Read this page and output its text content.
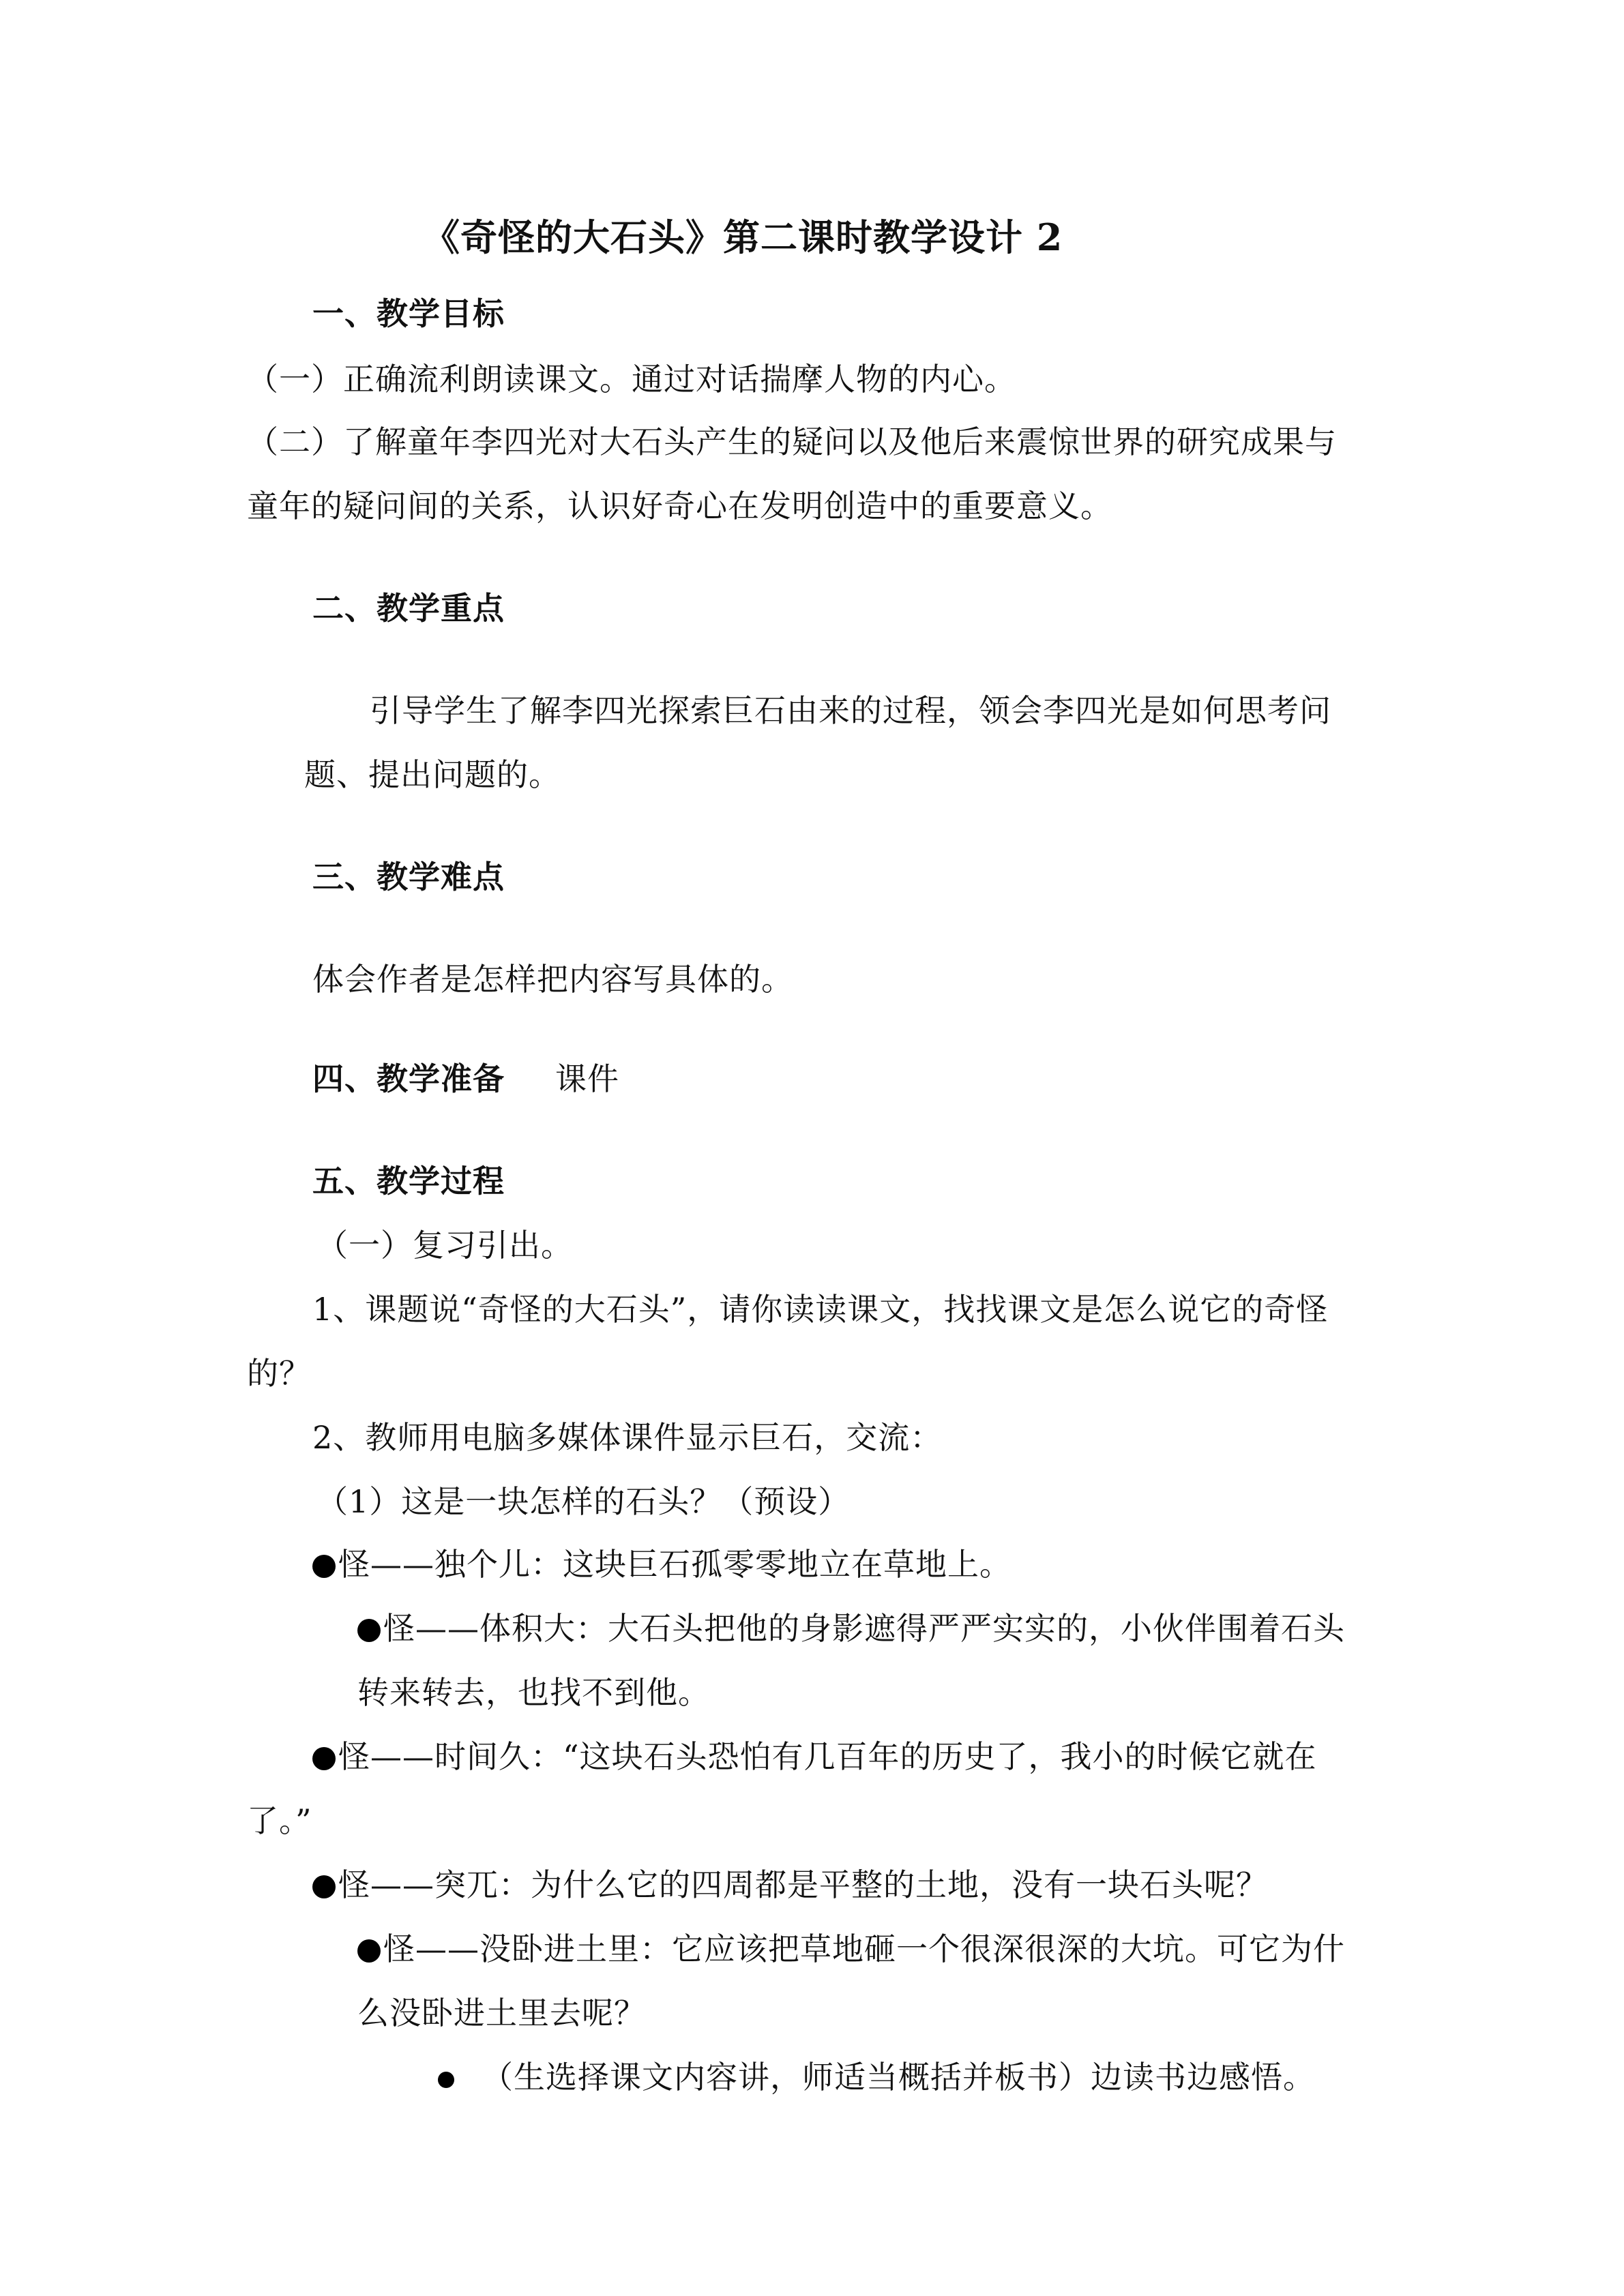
《奇怪的大石头》第二课时教学设计 2
一、教学目标
（一）正确流利朗读课文。通过对话揣摩人物的内心。
（二）了解童年李四光对大石头产生的疑问以及他后来震惊世界的研究成果与
童年的疑问间的关系，认识好奇心在发明创造中的重要意义。
二、教学重点
引导学生了解李四光探索巨石由来的过程，领会李四光是如何思考问
题、提出问题的。
三、教学难点
体会作者是怎样把内容写具体的。
四、教学准备 课件
五、教学过程
（一）复习引出。
1、课题说“奇怪的大石头”，请你读读课文，找找课文是怎么说它的奇怪
的？
2、教师用电脑多媒体课件显示巨石，交流：
（1）这是一块怎样的石头？（预设）
怪——独个儿：这块巨石孤零零地立在草地上。
怪——体积大：大石头把他的身影遮得严严实实的，小伙伴围着石头
转来转去，也找不到他。
怪——时间久：“这块石头恐怕有几百年的历史了，我小的时候它就在
了。”
怪——突兀：为什么它的四周都是平整的土地，没有一块石头呢？
怪——没卧进土里：它应该把草地砸一个很深很深的大坑。可它为什
么没卧进土里去呢？
（生选择课文内容讲，师适当概括并板书）边读书边感悟。
